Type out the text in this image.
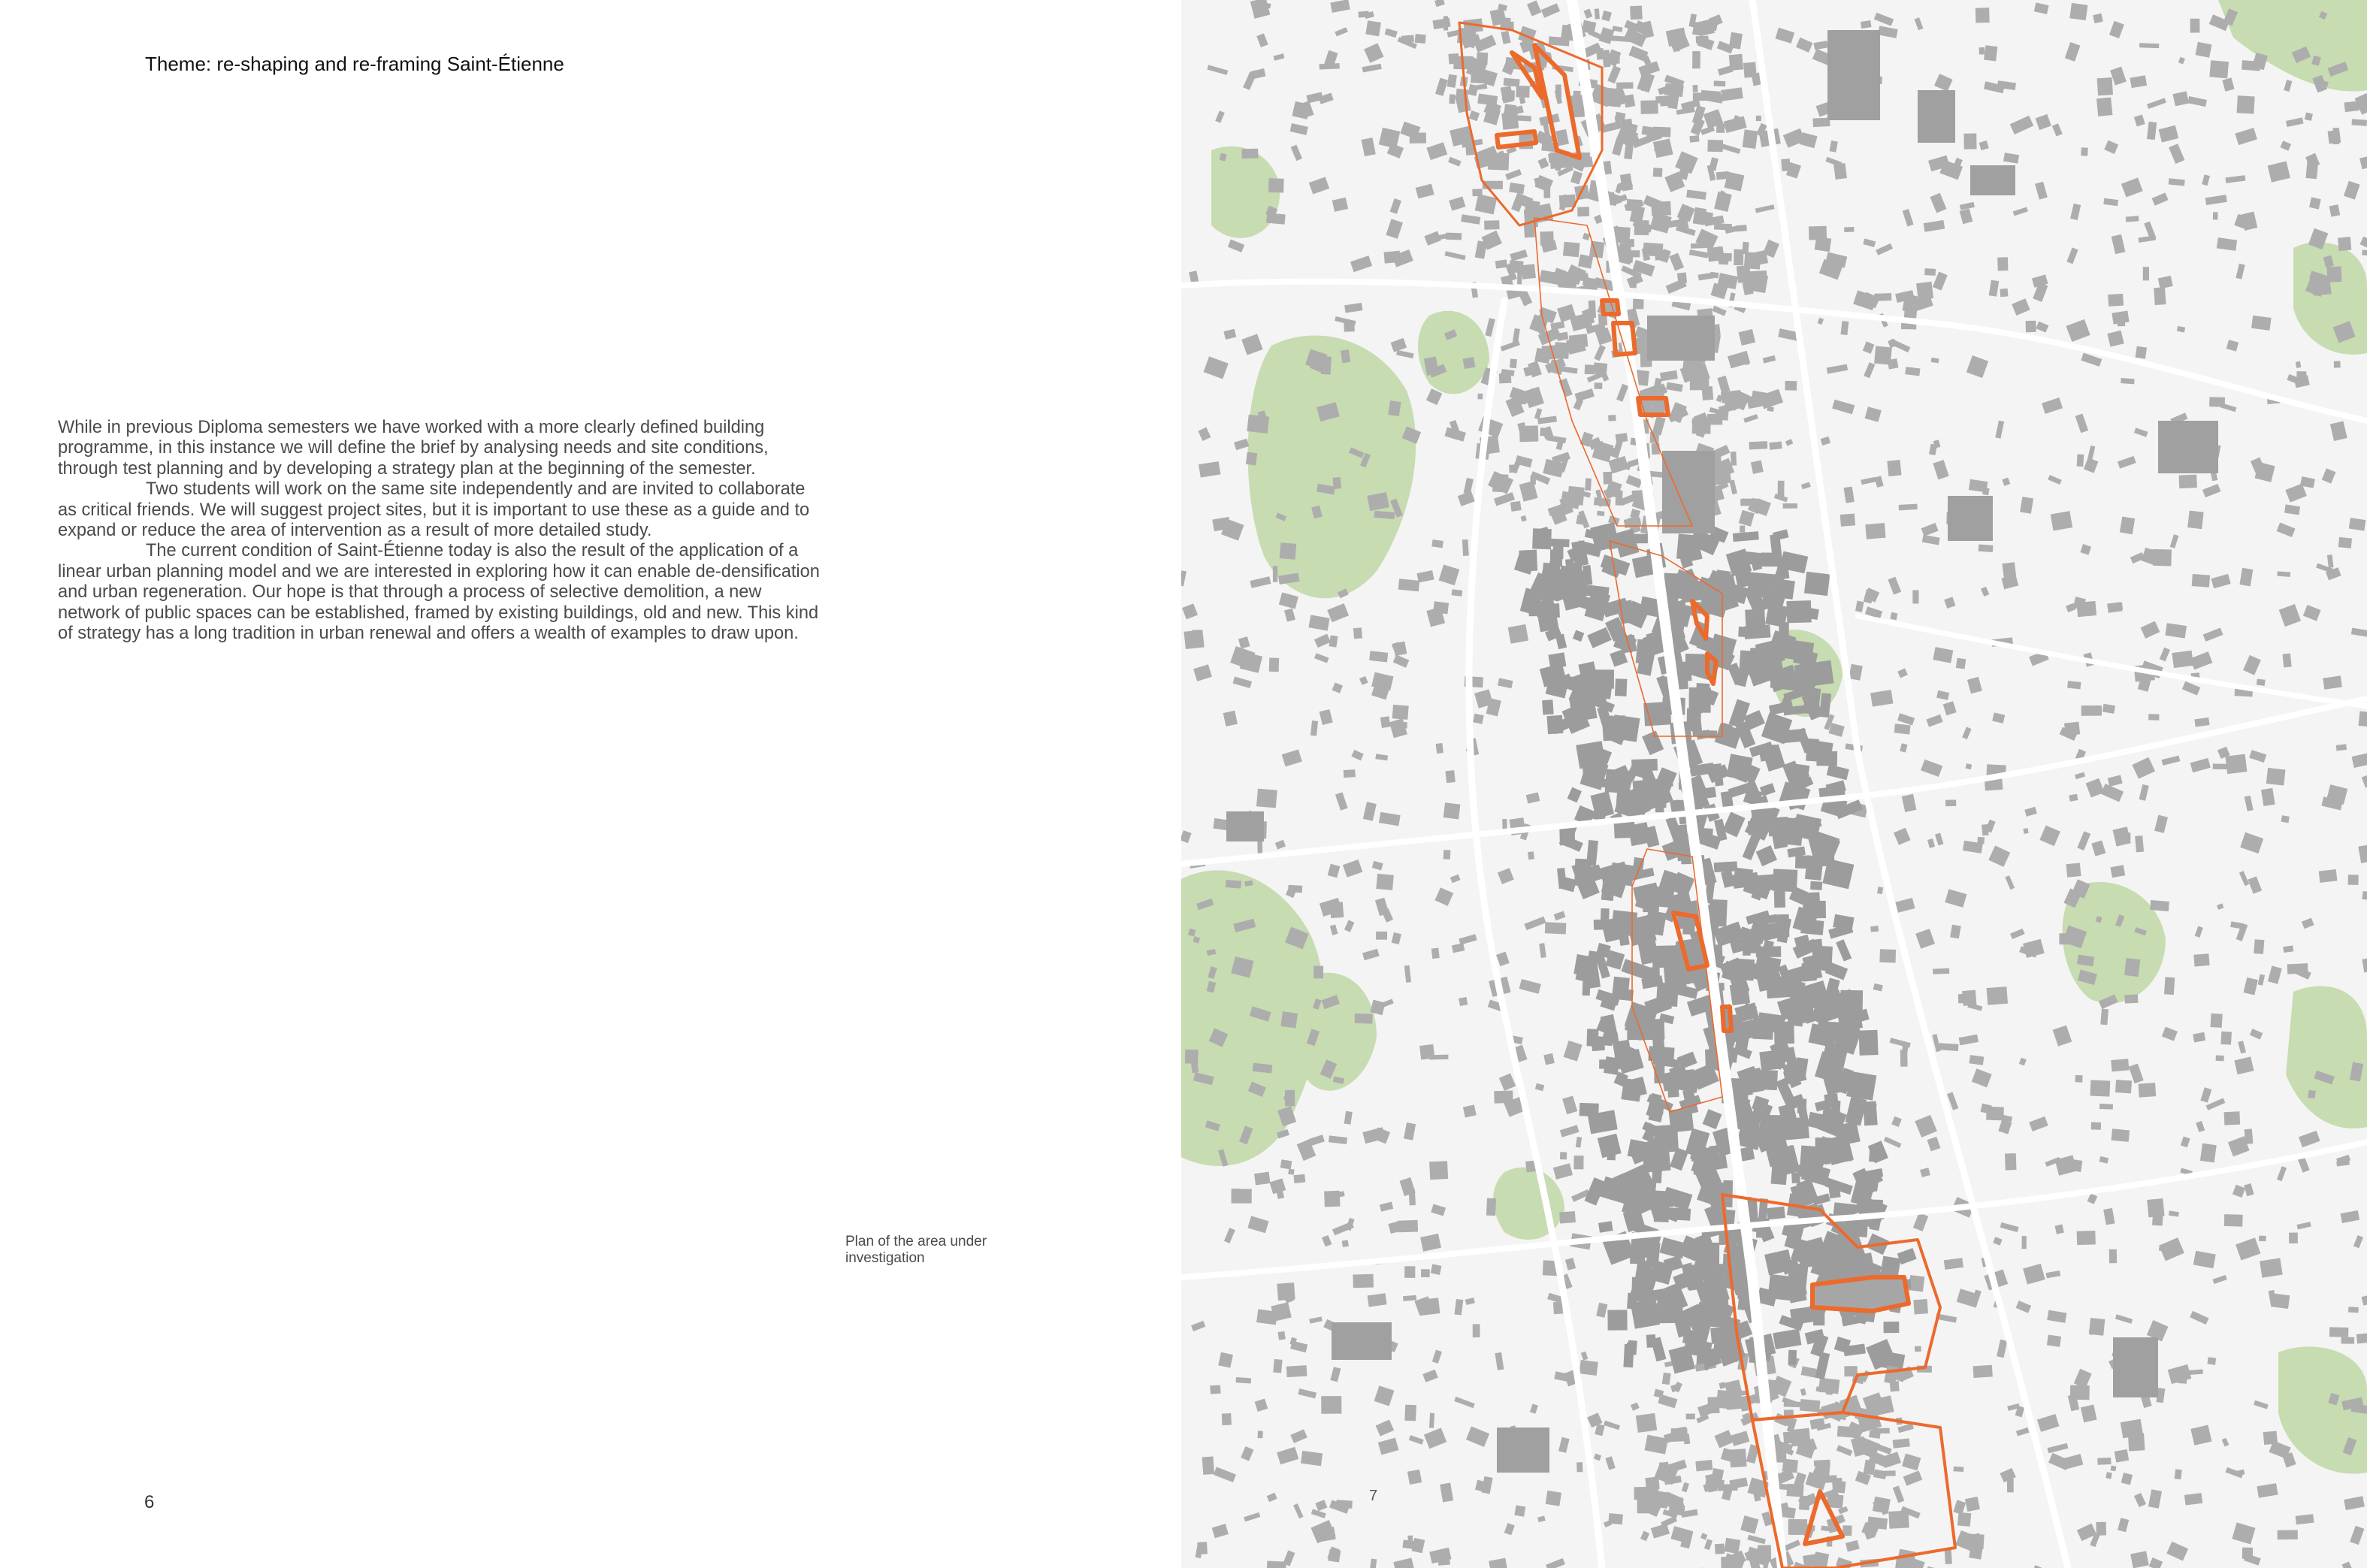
Theme: re-shaping and re-framing Saint-Étienne

While in previous Diploma semesters we have worked with a more clearly defined building programme, in this instance we will define the brief by analysing needs and site conditions, through test planning and by developing a strategy plan at the beginning of the semester.

Two students will work on the same site independently and are invited to collaborate as critical friends. We will suggest project sites, but it is important to use these as a guide and to expand or reduce the area of intervention as a result of more detailed study.

The current condition of Saint-Étienne today is also the result of the application of a linear urban planning model and we are interested in exploring how it can enable de-densification and urban regeneration. Our hope is that through a process of selective demolition, a new network of public spaces can be established, framed by existing buildings, old and new. This kind of strategy has a long tradition in urban renewal and offers a wealth of examples to draw upon.

Plan of the area under investigation
6	7
